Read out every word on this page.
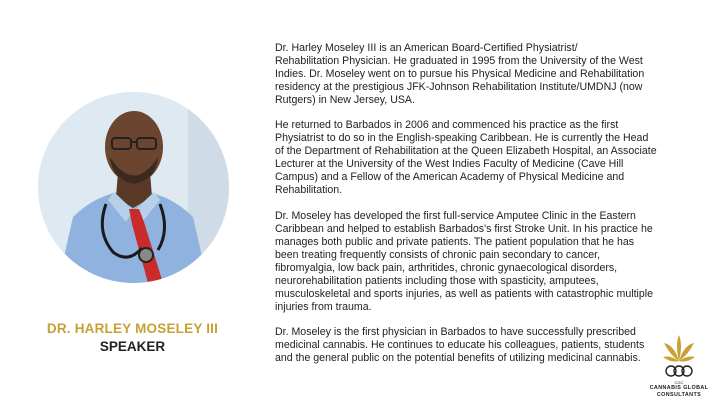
DR. HARLEY MOSELEY III
SPEAKER

Dr. Harley Moseley III is an American Board-Certified Physiatrist/
Rehabilitation Physician. He graduated in 1995 from the University of the West
Indies. Dr. Moseley went on to pursue his Physical Medicine and Rehabilitation
residency at the prestigious JFK-Johnson Rehabilitation Institute/UMDNJ (now
Rutgers) in New Jersey, USA.

He returned to Barbados in 2006 and commenced his practice as the first
Physiatrist to do so in the English-speaking Caribbean. He is currently the Head
of the Department of Rehabilitation at the Queen Elizabeth Hospital, an Associate
Lecturer at the University of the West Indies Faculty of Medicine (Cave Hill
Campus) and a Fellow of the American Academy of Physical Medicine and
Rehabilitation.

Dr. Moseley has developed the first full-service Amputee Clinic in the Eastern
Caribbean and helped to establish Barbados's first Stroke Unit. In his practice he
manages both public and private patients. The patient population that he has
been treating frequently consists of chronic pain secondary to cancer,
fibromyalgia, low back pain, arthritides, chronic gynaecological disorders,
neurorehabilitation patients including those with spasticity, amputees,
musculoskeletal and sports injuries, as well as patients with catastrophic multiple
injuries from trauma.

Dr. Moseley is the first physician in Barbados to have successfully prescribed
medicinal cannabis. He continues to educate his colleagues, patients, students
and the general public on the potential benefits of utilizing medicinal cannabis.

CGC
CANNABIS GLOBAL
CONSULTANTS
